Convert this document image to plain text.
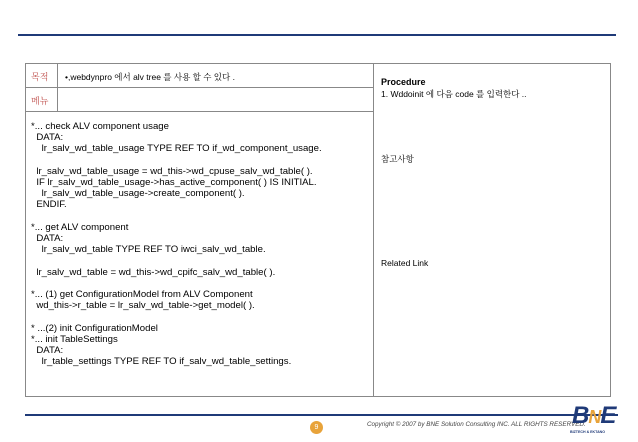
목적	•,webdynpro 에서 alv tree 를 사용 할 수 있다 .
메뉴
*... check ALV component usage
DATA:
lr_salv_wd_table_usage TYPE REF TO if_wd_component_usage.

lr_salv_wd_table_usage = wd_this->wd_cpuse_salv_wd_table( ).
IF lr_salv_wd_table_usage->has_active_component( ) IS INITIAL.
lr_salv_wd_table_usage->create_component( ).
ENDIF.

*... get ALV component
DATA:
lr_salv_wd_table TYPE REF TO iwci_salv_wd_table.

lr_salv_wd_table = wd_this->wd_cpifc_salv_wd_table( ).

*... (1) get ConfigurationModel from ALV Component
wd_this->r_table = lr_salv_wd_table->get_model( ).

* ...(2) init ConfigurationModel
*... init TableSettings
DATA:
lr_table_settings TYPE REF TO if_salv_wd_table_settings.
Procedure
1. Wddoinit 에 다음 code 를 입력한다 ..
참고사항
Related Link
9	Copyright © 2007 by BNE Solution Consulting INC. ALL RIGHTS RESERVED.
BNE
BIZTECH & EKTANO
